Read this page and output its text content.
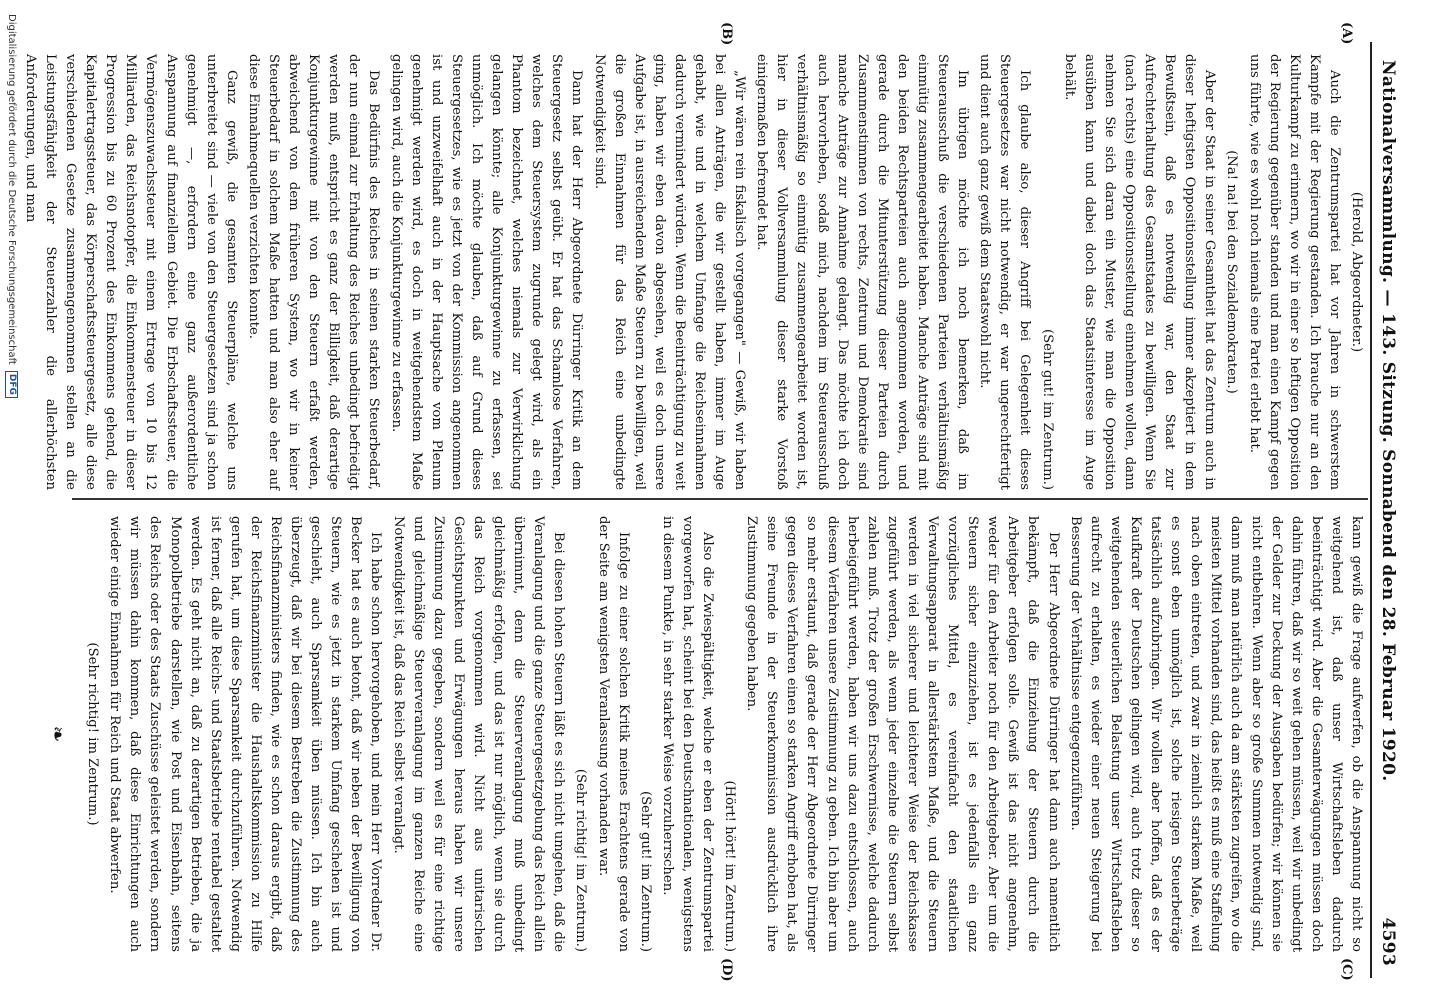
Nationalversammlung. — 143. Sitzung. Sonnabend den 28. Februar 1920.
4593
(A)
(B)
(C)
(D)

(Herold, Abgeordneter.)

Auch die Zentrumspartei hat vor Jahren in schwerstem Kampfe mit der Regierung gestanden. Ich brauche nur an den Kulturkampf zu erinnern, wo wir in einer so heftigen Opposition der Regierung gegenüber standen und man einen Kampf gegen uns führte, wie es wohl noch niemals eine Partei erlebt hat.

(Na! na! bei den Sozialdemokraten.)

Aber der Staat in seiner Gesamtheit hat das Zentrum auch in dieser heftigsten Oppositionsstellung immer akzeptiert in dem Bewußtsein, daß es notwendig war, den Staat zur Aufrechterhaltung des Gesamtstaates zu bewilligen. Wenn Sie (nach rechts) eine Oppositionsstellung einnehmen wollen, dann nehmen Sie sich daran ein Muster, wie man die Opposition ausüben kann und dabei doch das Staatsinteresse im Auge behält.

(Sehr gut! im Zentrum.)

Ich glaube also, dieser Angriff bei Gelegenheit dieses Steuergesetzes war nicht notwendig, er war ungerechtfertigt und dient auch ganz gewiß dem Staatswohl nicht.

Im übrigen möchte ich noch bemerken, daß im Steuerausschuß die verschiedenen Parteien verhältnismäßig einmütig zusammengearbeitet haben. Manche Anträge sind mit den beiden Rechtsparteien auch angenommen worden, und gerade durch die Mitunterstützung dieser Parteien durch Zusammenstimmen von rechts, Zentrum und Demokratie sind manche Anträge zur Annahme gelangt. Das möchte ich doch auch hervorheben, sodaß mich, nachdem im Steuerausschuß verhältnismäßig so einmütig zusammengearbeitet worden ist, hier in dieser Vollversammlung dieser starke Vorstoß einigermaßen befremdet hat.

„Wir wären rein fiskalisch vorgegangen" — Gewiß, wir haben bei allen Anträgen, die wir gestellt haben, immer im Auge gehabt, wie und in welchem Umfange die Reichseinnahmen dadurch vermindert würden. Wenn die Beeinträchtigung zu weit ging, haben wir eben davon abgesehen, weil es doch unsere Aufgabe ist, in ausreichendem Maße Steuern zu bewilligen, weil die großen Einnahmen für das Reich eine unbedingte Notwendigkeit sind.

Dann hat der Herr Abgeordnete Dürringer Kritik an dem Steuergesetz selbst geübt. Er hat das Schamlose Verfahren, welches dem Steuersystem zugrunde gelegt wird, als ein Phantom bezeichnet, welches niemals zur Verwirklichung gelangen könnte; alle Konjunkturgewinne zu erfassen, sei unmöglich. Ich möchte glauben, daß auf Grund dieses Steuergesetzes, wie es jetzt von der Kommission angenommen ist und unzweifelhaft auch in der Hauptsache vom Plenum genehmigt werden wird, es doch in weitgehendstem Maße gelingen wird, auch die Konjunkturgewinne zu erfassen.

Das Bedürfnis des Reiches in seinen starken Steuerbedarf, der nun einmal zur Erhaltung des Reiches unbedingt befriedigt werden muß, entspricht es ganz der Billigkeit, daß derartige Konjunkturgewinne mit von den Steuern erfaßt werden, abweichend von dem früheren System, wo wir in keiner Steuerbedarf in solchem Maße hatten und man also eher auf diese Einnahmequellen verzichten konnte.

Ganz gewiß, die gesamten Steuerpläne, welche uns unterbreitet sind — viele von den Steuergesetzen sind ja schon genehmigt —, erfordern eine ganz außerordentliche Anspannung auf finanziellem Gebiet. Die Erbschaftssteuer, die Vermögenszuwachssteuer mit einem Ertrage von 10 bis 12 Milliarden, das Reichsnotopfer, die Einkommensteuer in dieser Progression bis zu 60 Prozent des Einkommens gehend, die Kapitalertragssteuer, das Körperschaftssteuergesetz, alle diese verschiedenen Gesetze zusammengenommen stellen an die Leistungsfähigkeit der Steuerzahler die allerhöchsten Anforderungen, und man

kann gewiß die Frage aufwerfen, ob die Anspannung nicht so weitgehend ist, daß unser Wirtschaftsleben dadurch beeinträchtigt wird. Aber die Gesamterwägungen müssen doch dahin führen, daß wir so weit gehen müssen, weil wir unbedingt der Gelder zur Deckung der Ausgaben bedürfen; wir können sie nicht entbehren. Wenn aber so große Summen notwendig sind, dann muß man natürlich auch da am stärksten zugreifen, wo die meisten Mittel vorhanden sind, das heißt es muß eine Staffelung nach oben eintreten, und zwar in ziemlich starkem Maße, weil es sonst eben unmöglich ist, solche riesigen Steuerbeträge tatsächlich aufzubringen. Wir wollen aber hoffen, daß es der Kaufkraft der Deutschen gelingen wird, auch trotz dieser so weitgehenden steuerlichen Belastung unser Wirtschaftsleben aufrecht zu erhalten, es wieder einer neuen Steigerung bei Besserung der Verhältnisse entgegenzuführen.

Der Herr Abgeordnete Dürringer hat dann auch namentlich bekämpft, daß die Einziehung der Steuern durch die Arbeitgeber erfolgen solle. Gewiß ist das nicht angenehm, weder für den Arbeiter noch für den Arbeitgeber. Aber um die Steuern sicher einzuziehen, ist es jedenfalls ein ganz vorzügliches Mittel, es vereinfacht den staatlichen Verwaltungsapparat in allerstärkstem Maße, und die Steuern werden in viel sicherer und leichterer Weise der Reichskasse zugeführt werden, als wenn jeder einzelne die Steuern selbst zahlen muß. Trotz der großen Erschwernisse, welche dadurch herbeigeführt werden, haben wir uns dazu entschlossen, auch diesem Verfahren unsere Zustimmung zu geben. Ich bin aber um so mehr erstaunt, daß gerade der Herr Abgeordnete Dürringer gegen dieses Verfahren einen so starken Angriff erhoben hat, als seine Freunde in der Steuerkommission ausdrücklich ihre Zustimmung gegeben haben.

(Hört! hört! im Zentrum.)

Also die Zwiespältigkeit, welche er eben der Zentrumspartei vorgeworfen hat, scheint bei den Deutschnationalen, wenigstens in diesem Punkte, in sehr starker Weise vorzuherrschen.

(Sehr gut! im Zentrum.)

Infolge zu einer solchen Kritik meines Erachtens gerade von der Seite am wenigsten Veranlassung vorhanden war.

(Sehr richtig! im Zentrum.)

Bei diesen hohen Steuern läßt es sich nicht umgehen, daß die Veranlagung und die ganze Steuergesetzgebung das Reich allein übernimmt, denn die Steuerveranlagung muß unbedingt gleichmäßig erfolgen, und das ist nur möglich, wenn sie durch das Reich vorgenommen wird. Nicht aus unitarischen Gesichtspunkten und Erwägungen heraus haben wir unsere Zustimmung dazu gegeben, sondern weil es für eine richtige und gleichmäßige Steuerveranlagung im ganzen Reiche eine Notwendigkeit ist, daß das Reich selbst veranlagt.

Ich habe schon hervorgehoben, und mein Herr Vorredner Dr. Becker hat es auch betont, daß wir neben der Bewilligung von Steuern, wie es jetzt in starkem Umfang geschehen ist und geschieht, auch Sparsamkeit üben müssen. Ich bin auch überzeugt, daß wir bei diesem Bestreben die Zustimmung des Reichsfinanzministers finden, wie es schon daraus ergibt, daß der Reichsfinanzminister die Haushaltskommission zu Hilfe gerufen hat, um diese Sparsamkeit durchzuführen. Notwendig ist ferner, daß alle Reichs- und Staatsbetriebe rentabel gestaltet werden. Es geht nicht an, daß zu derartigen Betrieben, die ja Monopolbetriebe darstellen, wie Post und Eisenbahn, seitens des Reichs oder des Staats Zuschüsse geleistet werden, sondern wir müssen dahin kommen, daß diese Einrichtungen auch wieder einige Einnahmen für Reich und Staat abwerfen.

(Sehr richtig! im Zentrum.)

❧
Digitalisierung gefördert durch die Deutsche Forschungsgemeinschaft
DFG
